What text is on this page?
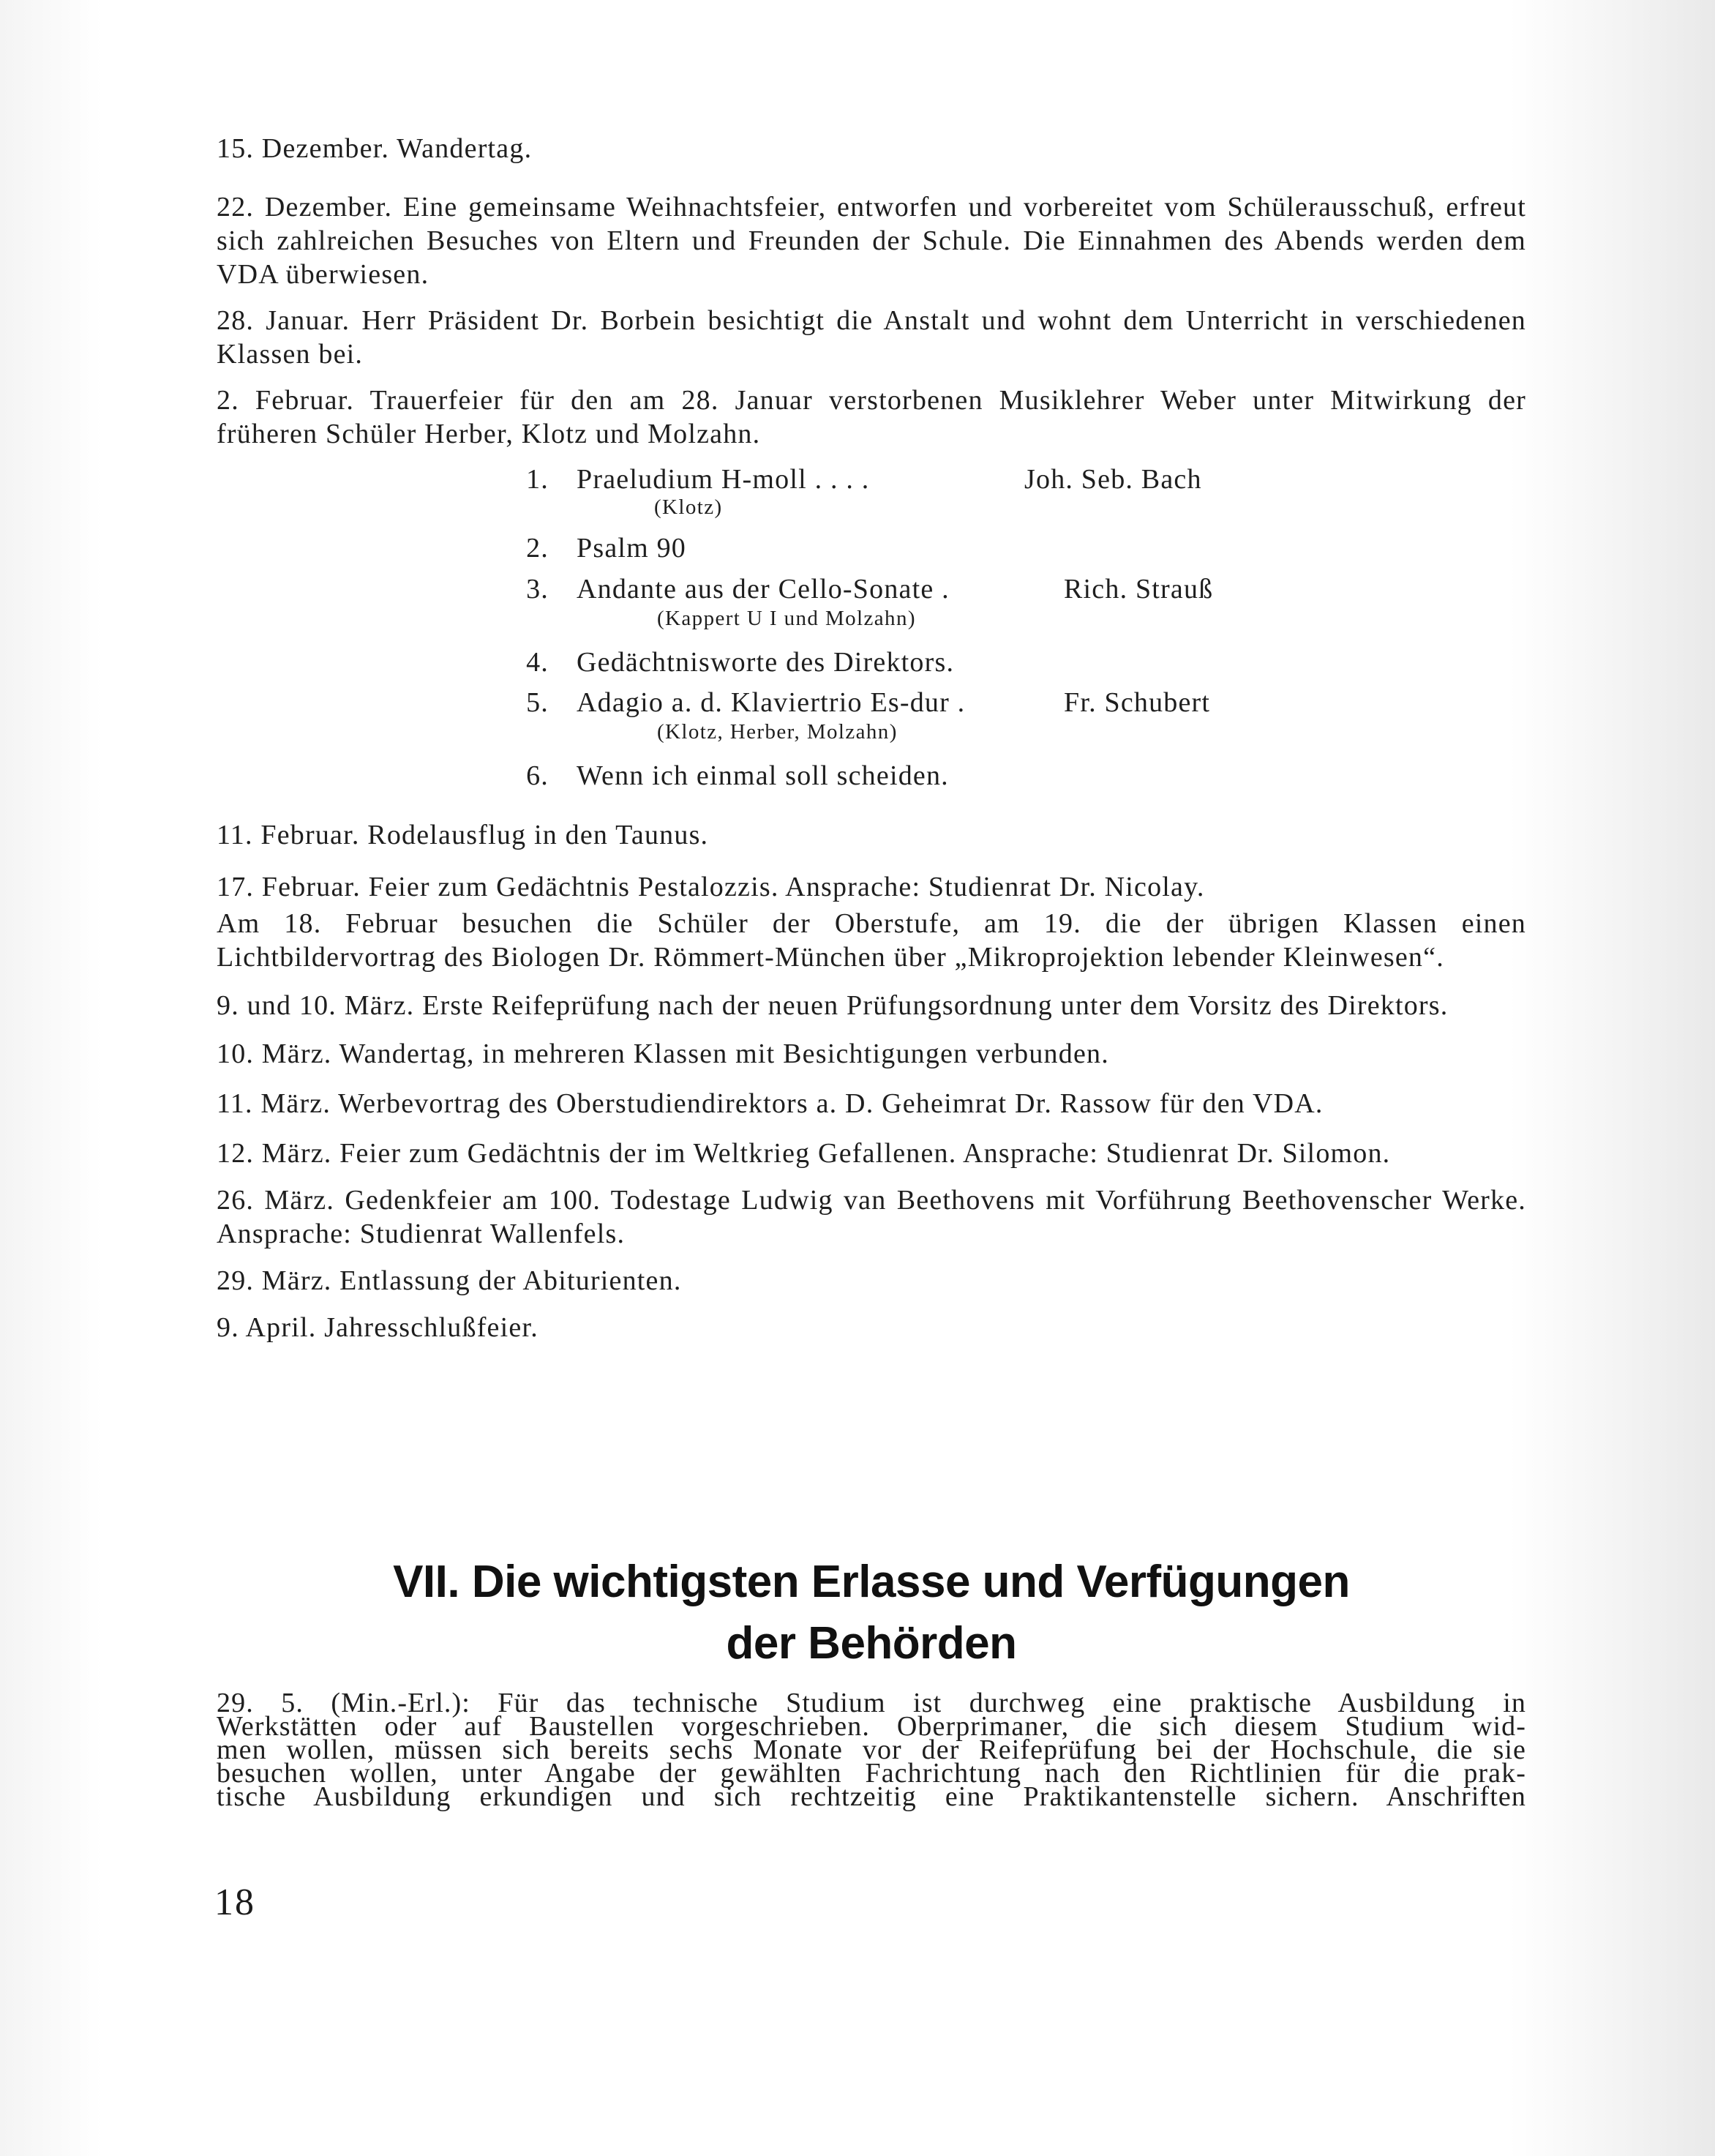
15. Dezember. Wandertag.

22. Dezember. Eine gemeinsame Weihnachtsfeier, entworfen und vorbereitet vom Schülerausschuß, erfreut sich zahlreichen Besuches von Eltern und Freunden der Schule. Die Einnahmen des Abends werden dem VDA überwiesen.

28. Januar. Herr Präsident Dr. Borbein besichtigt die Anstalt und wohnt dem Unterricht in verschiedenen Klassen bei.

2. Februar. Trauerfeier für den am 28. Januar verstorbenen Musiklehrer Weber unter Mitwirkung der früheren Schüler Herber, Klotz und Molzahn.

1. Praeludium H-moll . . . .	Joh. Seb. Bach
(Klotz)
2. Psalm 90
3. Andante aus der Cello-Sonate .	Rich. Strauß
(Kappert U I und Molzahn)
4. Gedächtnisworte des Direktors.
5. Adagio a. d. Klaviertrio Es-dur .	Fr. Schubert
(Klotz, Herber, Molzahn)
6. Wenn ich einmal soll scheiden.

11. Februar. Rodelausflug in den Taunus.

17. Februar. Feier zum Gedächtnis Pestalozzis. Ansprache: Studienrat Dr. Nicolay.

Am 18. Februar besuchen die Schüler der Oberstufe, am 19. die der übrigen Klassen einen Lichtbildervortrag des Biologen Dr. Römmert-München über „Mikroprojektion lebender Kleinwesen“.

9. und 10. März. Erste Reifeprüfung nach der neuen Prüfungsordnung unter dem Vorsitz des Direktors.

10. März. Wandertag, in mehreren Klassen mit Besichtigungen verbunden.

11. März. Werbevortrag des Oberstudiendirektors a. D. Geheimrat Dr. Rassow für den VDA.

12. März. Feier zum Gedächtnis der im Weltkrieg Gefallenen. Ansprache: Studienrat Dr. Silomon.

26. März. Gedenkfeier am 100. Todestage Ludwig van Beethovens mit Vorführung Beethovenscher Werke. Ansprache: Studienrat Wallenfels.

29. März. Entlassung der Abiturienten.

9. April. Jahresschlußfeier.

VII. Die wichtigsten Erlasse und Verfügungen
der Behörden
29. 5. (Min.-Erl.): Für das technische Studium ist durchweg eine praktische Ausbildung in
Werkstätten oder auf Baustellen vorgeschrieben. Oberprimaner, die sich diesem Studium wid-
men wollen, müssen sich bereits sechs Monate vor der Reifeprüfung bei der Hochschule, die sie
besuchen wollen, unter Angabe der gewählten Fachrichtung nach den Richtlinien für die prak-
tische Ausbildung erkundigen und sich rechtzeitig eine Praktikantenstelle sichern. Anschriften
18
